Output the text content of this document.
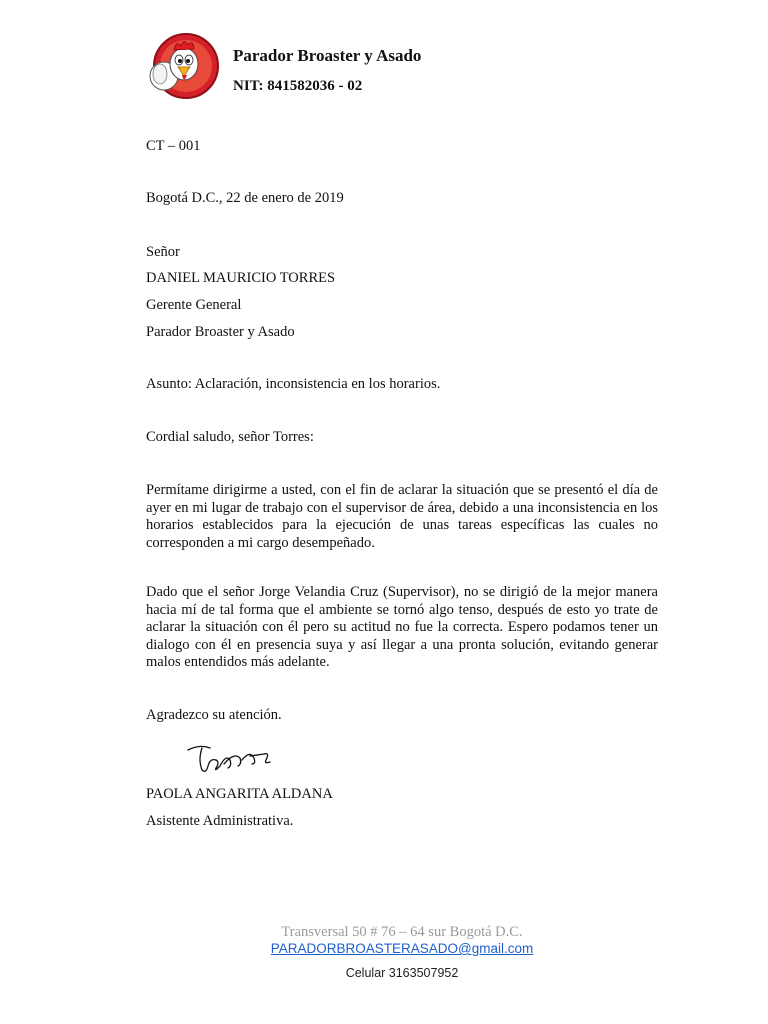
Parador Broaster y Asado
NIT: 841582036 - 02
CT – 001
Bogotá D.C., 22 de enero de 2019
Señor
DANIEL MAURICIO TORRES
Gerente General
Parador Broaster y Asado
Asunto: Aclaración, inconsistencia en los horarios.
Cordial saludo, señor Torres:
Permítame dirigirme a usted, con el fin de aclarar la situación que se presentó el día de ayer en mi lugar de trabajo con el supervisor de área, debido a una inconsistencia en los horarios establecidos para la ejecución de unas tareas específicas las cuales no corresponden a mi cargo desempeñado.
Dado que el señor Jorge Velandia Cruz (Supervisor), no se dirigió de la mejor manera hacia mí de tal forma que el ambiente se tornó algo tenso, después de esto yo trate de aclarar la situación con él pero su actitud no fue la correcta. Espero podamos tener un dialogo con él en presencia suya y así llegar a una pronta solución, evitando generar malos entendidos más adelante.
Agradezco su atención.
PAOLA ANGARITA ALDANA
Asistente Administrativa.
Transversal 50 # 76 – 64 sur Bogotá D.C.
PARADORBROASTERASADO@gmail.com
Celular 3163507952
